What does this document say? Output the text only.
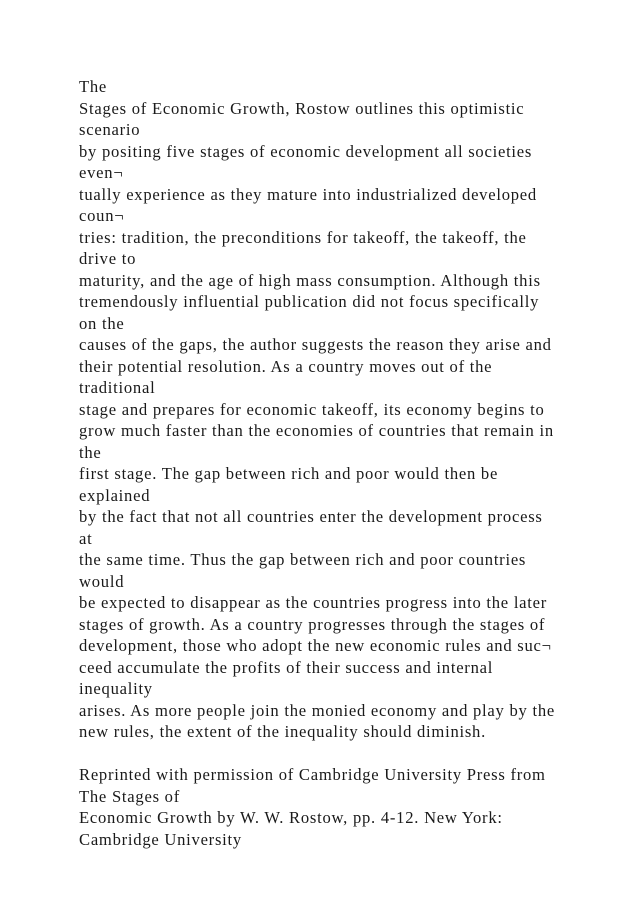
The
Stages of Economic Growth, Rostow outlines this optimistic
scenario
by positing five stages of economic development all societies
even¬
tually experience as they mature into industrialized developed
coun¬
tries: tradition, the preconditions for takeoff, the takeoff, the
drive to
maturity, and the age of high mass consumption. Although this
tremendously influential publication did not focus specifically
on the
causes of the gaps, the author suggests the reason they arise and
their potential resolution. As a country moves out of the
traditional
stage and prepares for economic takeoff, its economy begins to
grow much faster than the economies of countries that remain in
the
first stage. The gap between rich and poor would then be
explained
by the fact that not all countries enter the development process
at
the same time. Thus the gap between rich and poor countries
would
be expected to disappear as the countries progress into the later
stages of growth. As a country progresses through the stages of
development, those who adopt the new economic rules and suc¬
ceed accumulate the profits of their success and internal
inequality
arises. As more people join the monied economy and play by the
new rules, the extent of the inequality should diminish.
Reprinted with permission of Cambridge University Press from
The Stages of
Economic Growth by W. W. Rostow, pp. 4-12. New York:
Cambridge University
